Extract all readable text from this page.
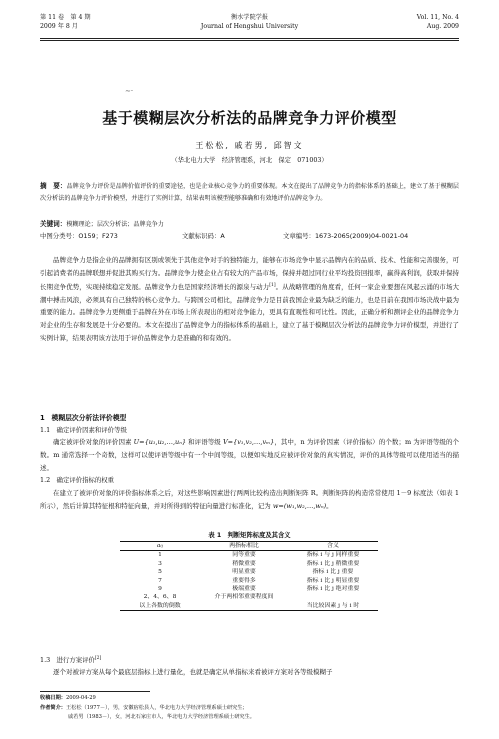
第 11 卷　第 4 期
2009 年 8 月
衡水学院学报
Journal of Hengshui University
Vol. 11, No. 4
Aug. 2009
∼·
基于模糊层次分析法的品牌竞争力评价模型
王松松, 戚若男, 邱智文
（华北电力大学　经济管理系，河北　保定　071003）
摘　要：品牌竞争力评价是品牌价值评价的重要途径，也是企业核心竞争力的重要体现。本文在提出了品牌竞争力的指标体系的基础上，建立了基于模糊层次分析法的品牌竞争力评价模型，并进行了实例计算，结果表明该模型能够准确和有效地评价品牌竞争力。
关键词：模糊理论；层次分析法；品牌竞争力
中图分类号：O159；F273	文献标识码：A	文章编号：1673-2065(2009)04-0021-04

品牌竞争力是指企业的品牌拥有区别或领先于其他竞争对手的独特能力，能够在市场竞争中显示品牌内在的品质、技术、性能和完善服务，可引起消费者的品牌联想并促进其购买行为。品牌竞争力使企业占有较大的产品市场，保持并超过同行业平均投资回报率，赢得高利润，获取并保持长期竞争优势，实现持续稳定发展。品牌竞争力也是国家经济增长的源泉与动力[1]。从战略管理的角度看，任何一家企业要想在风起云涌的市场大潮中搏击风浪，必须具有自己独特的核心竞争力。与跨国公司相比，品牌竞争力是目前我国企业最为缺乏的能力，也是目前在我国市场决战中最为重要的能力。品牌竞争力更侧重于品牌在外在市场上所表现出的相对竞争能力，更具有直观性和可比性。因此，正确分析和测评企业的品牌竞争力对企业的生存和发展是十分必要的。本文在提出了品牌竞争力的指标体系的基础上，建立了基于模糊层次分析法的品牌竞争力评价模型，并进行了实例计算，结果表明该方法用于评价品牌竞争力是准确的和有效的。

1　模糊层次分析法评价模型
1.1　确定评价因素和评价等级

确定被评价对象的评价因素 U={u₁,u₂,…,uₙ} 和评语等级 V={v₁,v₂,…,vₘ}，其中，n 为评价因素（评价指标）的个数；m 为评语等级的个数。m 通常选择一个奇数，这样可以使评语等级中有一个中间等级，以便如实地反应被评价对象的真实情况，评价的具体等级可以使用适当的描述。

1.2　确定评价指标的权重

在建立了被评价对象的评价指标体系之后，对这些影响因素进行两两比较构造出判断矩阵 R。判断矩阵的构造常常使用 1－9 标度法（如表 1 所示），然后计算其特征根和特征向量，并对所得到的特征向量进行标准化，记为 w=(w₁,w₂,…,wₙ)。

表 1　判断矩阵标度及其含义
aᵢⱼ	两指标相比	含义
1	同等重要	指标 i 与 j 同样重要
3	稍微重要	指标 i 比 j 稍微重要
5	明显重要	指标 i 比 j 重要
7	重要得多	指标 i 比 j 明显重要
9	极端重要	指标 i 比 j 绝对重要
2、4、6、8	介于两相邻重要程度间	
以上各数的倒数		当比较因素 j 与 i 时
1.3　进行方案评价[2]

逐个对被评方案从每个最底层指标上进行量化，也就是确定从单指标来看被评方案对各等级模糊子

收稿日期：2009-04-29
作者简介：王松松（1977－），男，安徽宿松县人，华北电力大学经济管理系硕士研究生；
戚若男（1983－），女，河北石家庄市人，华北电力大学经济管理系硕士研究生。
